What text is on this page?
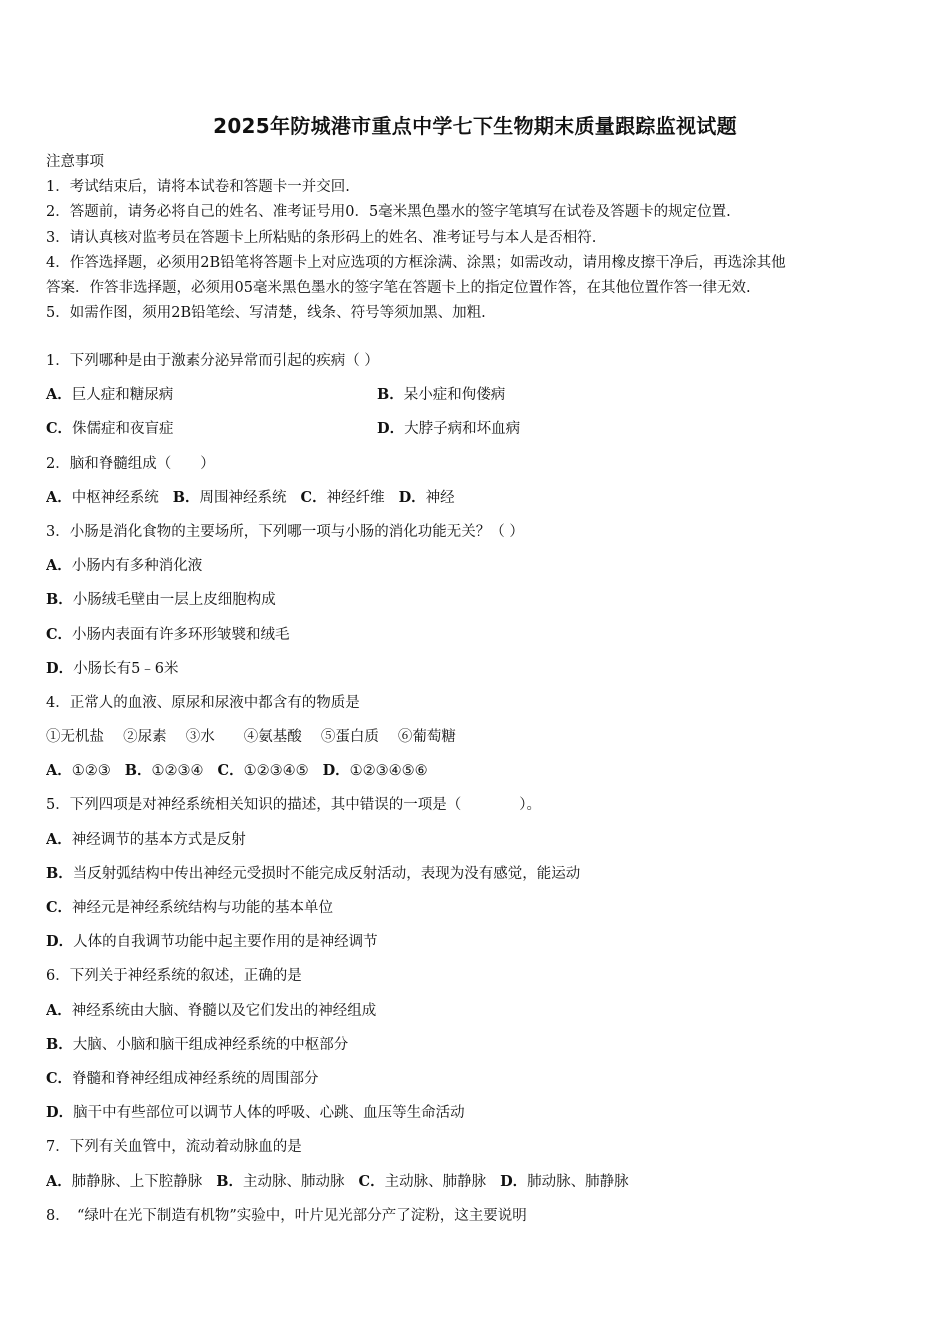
2025年防城港市重点中学七下生物期末质量跟踪监视试题
注意事项
1．考试结束后，请将本试卷和答题卡一并交回.
2．答题前，请务必将自己的姓名、准考证号用0．5毫米黑色墨水的签字笔填写在试卷及答题卡的规定位置.
3．请认真核对监考员在答题卡上所粘贴的条形码上的姓名、准考证号与本人是否相符.
4．作答选择题，必须用2B铅笔将答题卡上对应选项的方框涂满、涂黑；如需改动，请用橡皮擦干净后，再选涂其他
答案．作答非选择题，必须用05毫米黑色墨水的签字笔在答题卡上的指定位置作答，在其他位置作答一律无效.
5．如需作图，须用2B铅笔绘、写清楚，线条、符号等须加黑、加粗.
1．下列哪种是由于激素分泌异常而引起的疾病（ ）
A．巨人症和糖尿病	B．呆小症和佝偻病
C．侏儒症和夜盲症	D．大脖子病和坏血病
2．脑和脊髓组成（　　）
A．中枢神经系统 B．周围神经系统 C．神经纤维 D．神经
3．小肠是消化食物的主要场所，下列哪一项与小肠的消化功能无关？（ ）
A．小肠内有多种消化液
B．小肠绒毛壁由一层上皮细胞构成
C．小肠内表面有许多环形皱襞和绒毛
D．小肠长有5﹣6米
4．正常人的血液、原尿和尿液中都含有的物质是
①无机盐　 ②尿素 　③水　　④氨基酸　 ⑤蛋白质　 ⑥葡萄糖
A．①②③ B．①②③④ C．①②③④⑤ D．①②③④⑤⑥
5．下列四项是对神经系统相关知识的描述，其中错误的一项是（　　　　）。
A．神经调节的基本方式是反射
B．当反射弧结构中传出神经元受损时不能完成反射活动，表现为没有感觉，能运动
C．神经元是神经系统结构与功能的基本单位
D．人体的自我调节功能中起主要作用的是神经调节
6．下列关于神经系统的叙述，正确的是
A．神经系统由大脑、脊髓以及它们发出的神经组成
B．大脑、小脑和脑干组成神经系统的中枢部分
C．脊髓和脊神经组成神经系统的周围部分
D．脑干中有些部位可以调节人体的呼吸、心跳、血压等生命活动
7．下列有关血管中，流动着动脉血的是
A．肺静脉、上下腔静脉 B．主动脉、肺动脉 C．主动脉、肺静脉 D．肺动脉、肺静脉
8．　“绿叶在光下制造有机物”实验中，叶片见光部分产了淀粉，这主要说明
